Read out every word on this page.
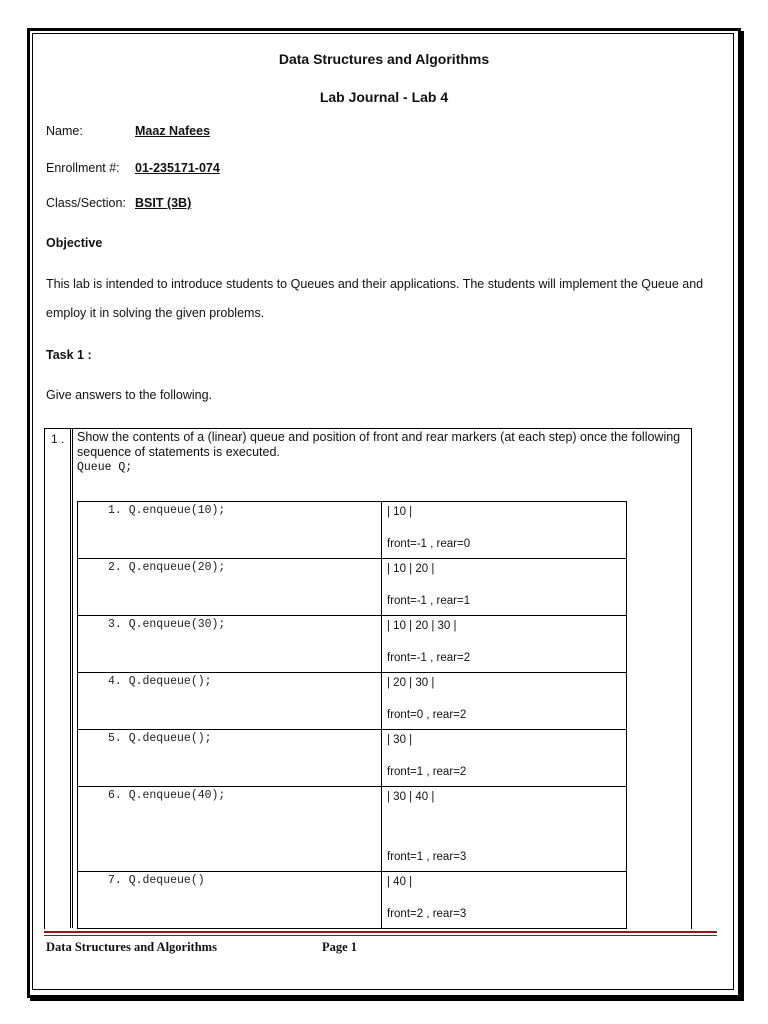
Data Structures and Algorithms
Lab Journal - Lab 4
Name:	Maaz Nafees
Enrollment #: 01-235171-074
Class/Section: BSIT (3B)
Objective
This lab is intended to introduce students to Queues and their applications. The students will implement the Queue and employ it in solving the given problems.
Task 1 :
Give answers to the following.
1 . Show the contents of a (linear) queue and position of front and rear markers (at each step) once the following sequence of statements is executed.
Queue Q;
1. Q.enqueue(10);	| 10 |
front=-1 , rear=0

2. Q.enqueue(20);	| 10 | 20 |
front=-1 , rear=1

3. Q.enqueue(30);	| 10 | 20 | 30 |
front=-1 , rear=2

4. Q.dequeue();	| 20 | 30 |
front=0 , rear=2

5. Q.dequeue();	| 30 |
front=1 , rear=2

6. Q.enqueue(40);	| 30 | 40 |
front=1 , rear=3

7. Q.dequeue()	| 40 |
front=2 , rear=3
Data Structures and Algorithms	Page 1
